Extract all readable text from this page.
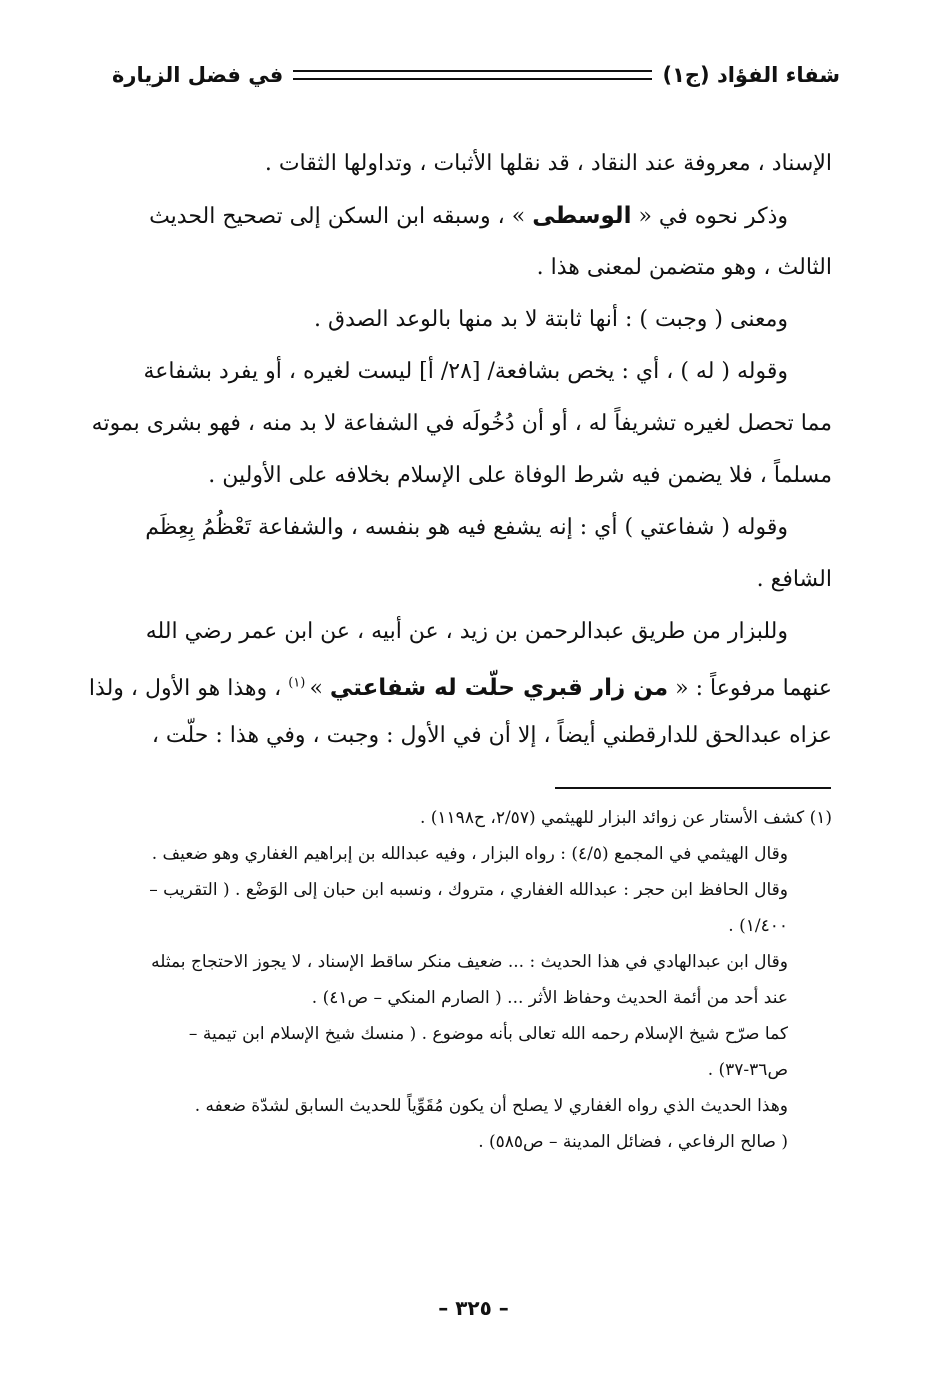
شفاء الفؤاد (ج١)
في فضل الزيارة

الإسناد ، معروفة عند النقاد ، قد نقلها الأثبات ، وتداولها الثقات .

وذكر نحوه في « الوسطى » ، وسبقه ابن السكن إلى تصحيح الحديث

الثالث ، وهو متضمن لمعنى هذا .

ومعنى ( وجبت ) : أنها ثابتة لا بد منها بالوعد الصدق .

وقوله ( له ) ، أي : يخص بشافعة/ [٢٨/ أ] ليست لغيره ، أو يفرد بشفاعة

مما تحصل لغيره تشريفاً له ، أو أن دُخُولَه في الشفاعة لا بد منه ، فهو بشرى بموته

مسلماً ، فلا يضمن فيه شرط الوفاة على الإسلام بخلافه على الأولين .

وقوله ( شفاعتي ) أي : إنه يشفع فيه هو بنفسه ، والشفاعة تَعْظُمُ بِعِظَم

الشافع .

وللبزار من طريق عبدالرحمن بن زيد ، عن أبيه ، عن ابن عمر رضي الله

عنهما مرفوعاً : « من زار قبري حلّت له شفاعتي » $^{(١)}$ ، وهذا هو الأول ، ولذا

عزاه عبدالحق للدارقطني أيضاً ، إلا أن في الأول : وجبت ، وفي هذا : حلّت ،

(١) كشف الأستار عن زوائد البزار للهيثمي (٢/٥٧، ح١١٩٨) .

وقال الهيثمي في المجمع (٤/٥) : رواه البزار ، وفيه عبدالله بن إبراهيم الغفاري وهو ضعيف .

وقال الحافظ ابن حجر : عبدالله الغفاري ، متروك ، ونسبه ابن حبان إلى الوَضْع . ( التقريب –

١/٤٠٠) .

وقال ابن عبدالهادي في هذا الحديث : ... ضعيف منكر ساقط الإسناد ، لا يجوز الاحتجاج بمثله

عند أحد من أئمة الحديث وحفاظ الأثر ... ( الصارم المنكي – ص٤١) .

كما صرّح شيخ الإسلام رحمه الله تعالى بأنه موضوع . ( منسك شيخ الإسلام ابن تيمية –

ص٣٦-٣٧) .

وهذا الحديث الذي رواه الغفاري لا يصلح أن يكون مُقَوِّياً للحديث السابق لشدّة ضعفه .

( صالح الرفاعي ، فضائل المدينة – ص٥٨٥) .

– ٣٢٥ –
